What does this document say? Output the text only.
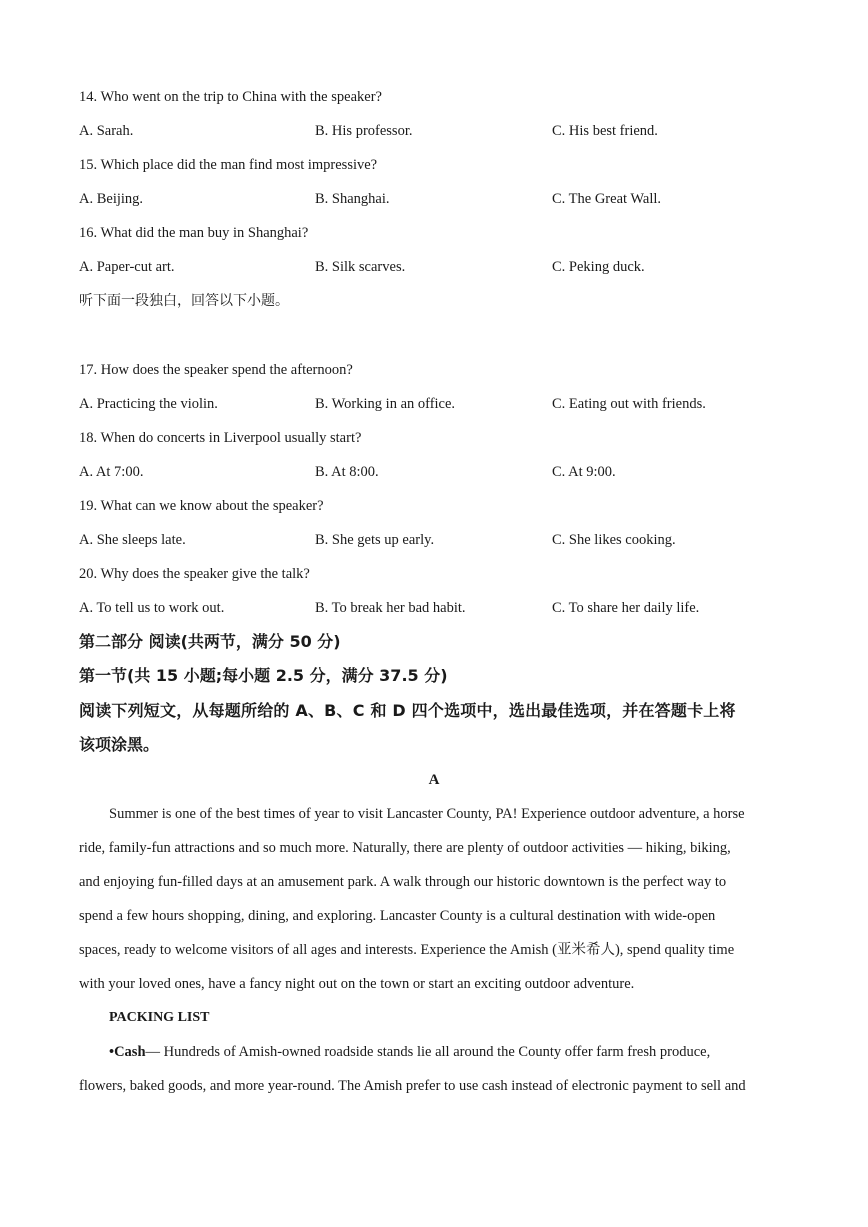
14. Who went on the trip to China with the speaker?
A. Sarah.	B. His professor.	C. His best friend.
15. Which place did the man find most impressive?
A. Beijing.	B. Shanghai.	C. The Great Wall.
16. What did the man buy in Shanghai?
A. Paper-cut art.	B. Silk scarves.	C. Peking duck.
听下面一段独白，回答以下小题。
17. How does the speaker spend the afternoon?
A. Practicing the violin.	B. Working in an office.	C. Eating out with friends.
18. When do concerts in Liverpool usually start?
A. At 7:00.	B. At 8:00.	C. At 9:00.
19. What can we know about the speaker?
A. She sleeps late.	B. She gets up early.	C. She likes cooking.
20. Why does the speaker give the talk?
A. To tell us to work out.	B. To break her bad habit.	C. To share her daily life.
第二部分 阅读(共两节，满分 50 分)
第一节(共 15 小题;每小题 2.5 分，满分 37.5 分)
阅读下列短文，从每题所给的 A、B、C 和 D 四个选项中，选出最佳选项，并在答题卡上将
该项涂黑。
A
Summer is one of the best times of year to visit Lancaster County, PA! Experience outdoor adventure, a horse
ride, family-fun attractions and so much more. Naturally, there are plenty of outdoor activities — hiking, biking,
and enjoying fun-filled days at an amusement park. A walk through our historic downtown is the perfect way to
spend a few hours shopping, dining, and exploring. Lancaster County is a cultural destination with wide-open
spaces, ready to welcome visitors of all ages and interests. Experience the Amish (亚米希人), spend quality time
with your loved ones, have a fancy night out on the town or start an exciting outdoor adventure.
PACKING LIST
•Cash— Hundreds of Amish-owned roadside stands lie all around the County offer farm fresh produce,
flowers, baked goods, and more year-round. The Amish prefer to use cash instead of electronic payment to sell and
